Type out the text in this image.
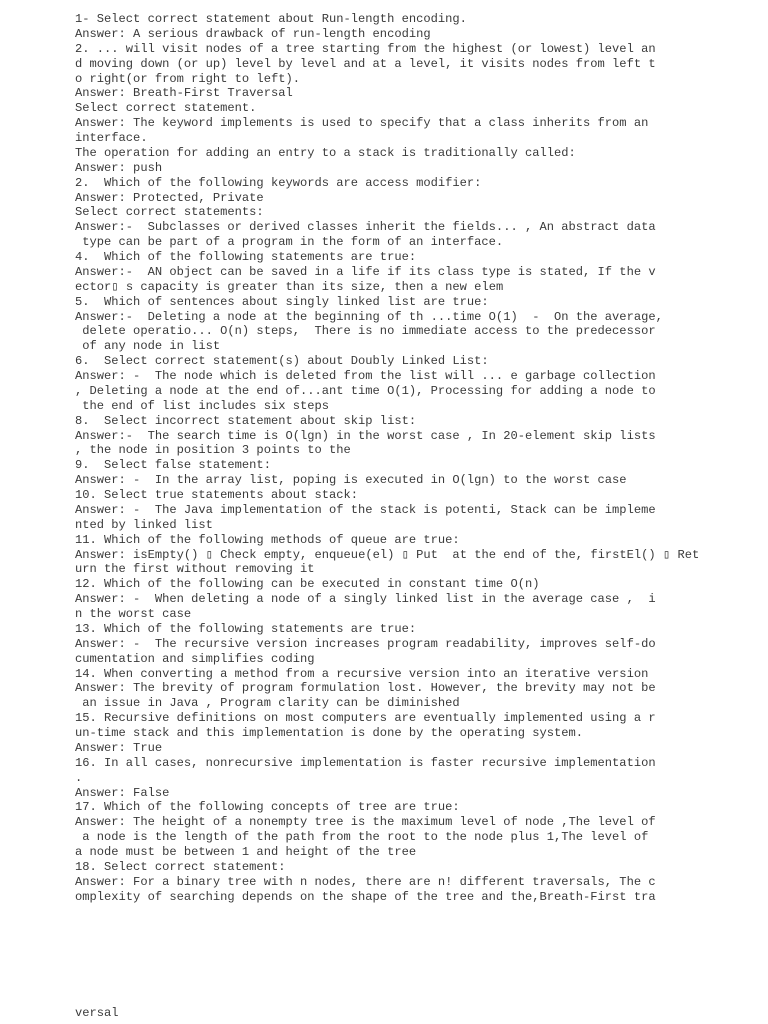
1- Select correct statement about Run-length encoding.
Answer: A serious drawback of run-length encoding
2. ... will visit nodes of a tree starting from the highest (or lowest) level an
d moving down (or up) level by level and at a level, it visits nodes from left t
o right(or from right to left).
Answer: Breath-First Traversal
Select correct statement.
Answer: The keyword implements is used to specify that a class inherits from an
interface.
The operation for adding an entry to a stack is traditionally called:
Answer: push
2.  Which of the following keywords are access modifier:
Answer: Protected, Private
Select correct statements:
Answer:-  Subclasses or derived classes inherit the fields... , An abstract data
type can be part of a program in the form of an interface.
4.  Which of the following statements are true:
Answer:-  AN object can be saved in a life if its class type is stated, If the v
ector▯ s capacity is greater than its size, then a new elem
5.  Which of sentences about singly linked list are true:
Answer:-  Deleting a node at the beginning of th ...time O(1)  -  On the average,
delete operatio... O(n) steps,  There is no immediate access to the predecessor
of any node in list
6.  Select correct statement(s) about Doubly Linked List:
Answer: -  The node which is deleted from the list will ... e garbage collection
, Deleting a node at the end of...ant time O(1), Processing for adding a node to
the end of list includes six steps
8.  Select incorrect statement about skip list:
Answer:-  The search time is O(lgn) in the worst case , In 20-element skip lists
, the node in position 3 points to the
9.  Select false statement:
Answer: -  In the array list, poping is executed in O(lgn) to the worst case
10. Select true statements about stack:
Answer: -  The Java implementation of the stack is potenti, Stack can be impleme
nted by linked list
11. Which of the following methods of queue are true:
Answer: isEmpty() ▯ Check empty, enqueue(el) ▯ Put  at the end of the, firstEl() ▯ Ret
urn the first without removing it
12. Which of the following can be executed in constant time O(n)
Answer: -  When deleting a node of a singly linked list in the average case ,  i
n the worst case
13. Which of the following statements are true:
Answer: -  The recursive version increases program readability, improves self-do
cumentation and simplifies coding
14. When converting a method from a recursive version into an iterative version
Answer: The brevity of program formulation lost. However, the brevity may not be
an issue in Java , Program clarity can be diminished
15. Recursive definitions on most computers are eventually implemented using a r
un-time stack and this implementation is done by the operating system.
Answer: True
16. In all cases, nonrecursive implementation is faster recursive implementation
.
Answer: False
17. Which of the following concepts of tree are true:
Answer: The height of a nonempty tree is the maximum level of node ,The level of
a node is the length of the path from the root to the node plus 1,The level of
a node must be between 1 and height of the tree
18. Select correct statement:
Answer: For a binary tree with n nodes, there are n! different traversals, The c
omplexity of searching depends on the shape of the tree and the,Breath-First tra
versal
